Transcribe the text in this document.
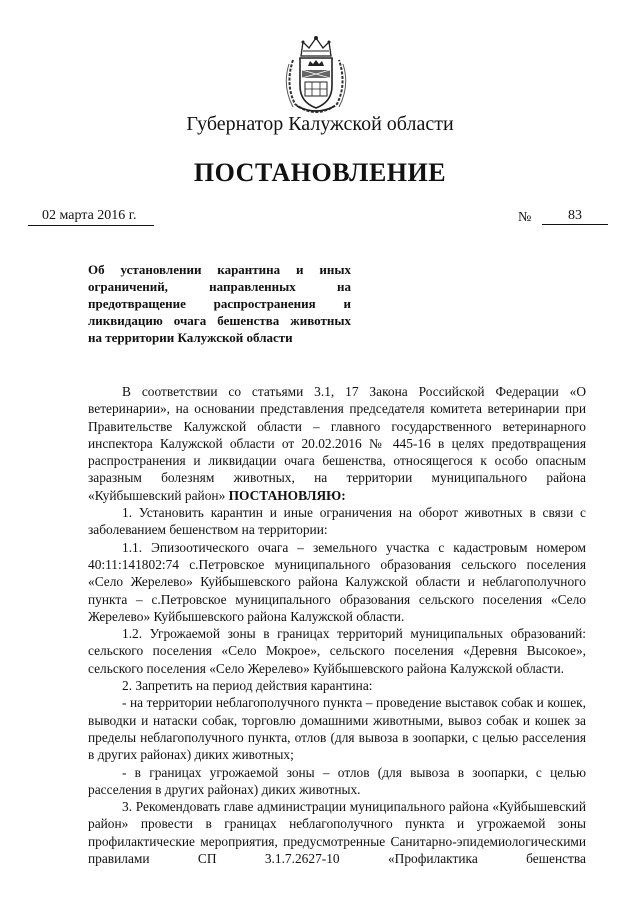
Губернатор Калужской области
ПОСТАНОВЛЕНИЕ
02 марта 2016 г.	№	83
Об установлении карантина и иных
ограничений, направленных на
предотвращение распространения и
ликвидацию очага бешенства животных
на территории Калужской области

В соответствии со статьями 3.1, 17 Закона Российской Федерации «О ветеринарии», на основании представления председателя комитета ветеринарии при Правительстве Калужской области – главного государственного ветеринарного инспектора Калужской области от 20.02.2016 № 445-16 в целях предотвращения распространения и ликвидации очага бешенства, относящегося к особо опасным заразным болезням животных, на территории муниципального района «Куйбышевский район» ПОСТАНОВЛЯЮ:

1. Установить карантин и иные ограничения на оборот животных в связи с заболеванием бешенством на территории:

1.1. Эпизоотического очага – земельного участка с кадастровым номером 40:11:141802:74 с.Петровское муниципального образования сельского поселения «Село Жерелево» Куйбышевского района Калужской области и неблагополучного пункта – с.Петровское муниципального образования сельского поселения «Село Жерелево» Куйбышевского района Калужской области.

1.2. Угрожаемой зоны в границах территорий муниципальных образований: сельского поселения «Село Мокрое», сельского поселения «Деревня Высокое», сельского поселения «Село Жерелево» Куйбышевского района Калужской области.

2. Запретить на период действия карантина:

- на территории неблагополучного пункта – проведение выставок собак и кошек, выводки и натаски собак, торговлю домашними животными, вывоз собак и кошек за пределы неблагополучного пункта, отлов (для вывоза в зоопарки, с целью расселения в других районах) диких животных;

- в границах угрожаемой зоны – отлов (для вывоза в зоопарки, с целью расселения в других районах) диких животных.

3. Рекомендовать главе администрации муниципального района «Куйбышевский район» провести в границах неблагополучного пункта и угрожаемой зоны профилактические мероприятия, предусмотренные Санитарно-эпидемиологическими правилами СП 3.1.7.2627-10 «Профилактика бешенства
